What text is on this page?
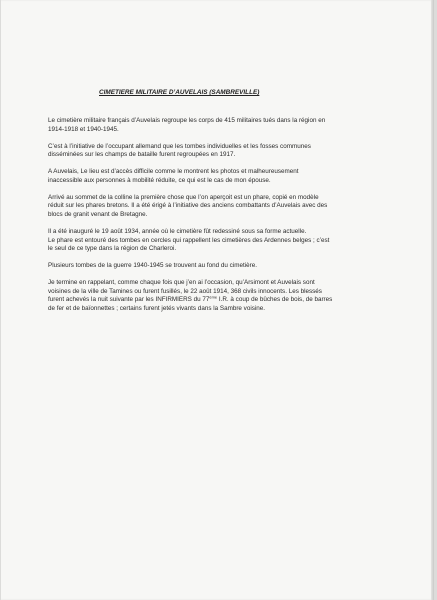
CIMETIERE MILITAIRE D’AUVELAIS (SAMBREVILLE)

Le cimetière militaire français d’Auvelais regroupe les corps de 415 militaires tués dans la région en
1914-1918 et 1940-1945.

C’est à l’initiative de l’occupant allemand que les tombes individuelles et les fosses communes
disséminées sur les champs de bataille furent regroupées en 1917.

A Auvelais, Le lieu est d’accès difficile comme le montrent les photos et malheureusement
inaccessible aux personnes à mobilité réduite, ce qui est le cas de mon épouse.

Arrivé au sommet de la colline la première chose que l’on aperçoit est un phare, copié en modèle
réduit sur les phares bretons. Il a été érigé à l’initiative des anciens combattants d’Auvelais avec des
blocs de granit venant de Bretagne.

Il a été inauguré le 19 août 1934, année où le cimetière fût redessiné sous sa forme actuelle.
Le phare est entouré des tombes en cercles qui rappellent les cimetières des Ardennes belges ; c’est
le seul de ce type dans la région de Charleroi.

Plusieurs tombes de la guerre 1940-1945 se trouvent au fond du cimetière.

Je termine en rappelant, comme chaque fois que j’en ai l’occasion, qu’Arsimont et Auvelais sont
voisines de la ville de Tamines ou furent fusillés, le 22 août 1914, 368 civils innocents. Les blessés
furent achevés la nuit suivante par les INFIRMIERS du 77ème I.R. à coup de bûches de bois, de barres
de fer et de baïonnettes ; certains furent jetés vivants dans la Sambre voisine.
